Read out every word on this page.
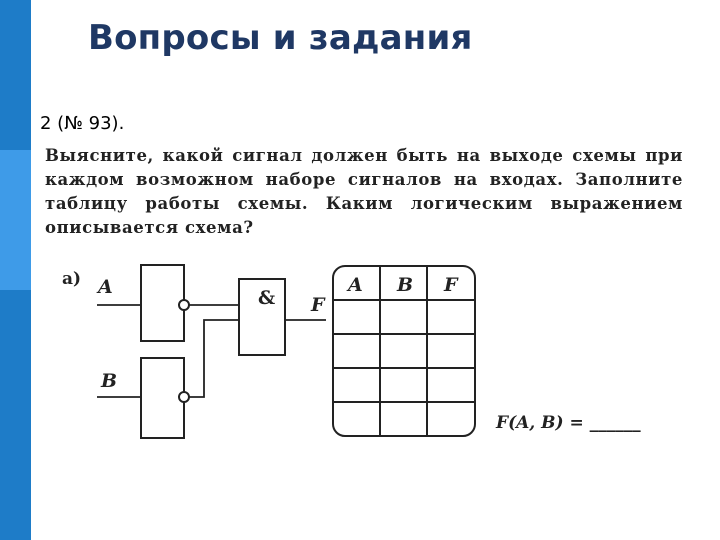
Вопросы и задания
2 (№ 93).

Выясните, какой сигнал должен быть на выходе схемы при каждом возможном наборе сигналов на входах. Заполните таблицу работы схемы. Каким логическим выражением описывается схема?

а) A
B
& F
A B F
F(A, B) = ______
